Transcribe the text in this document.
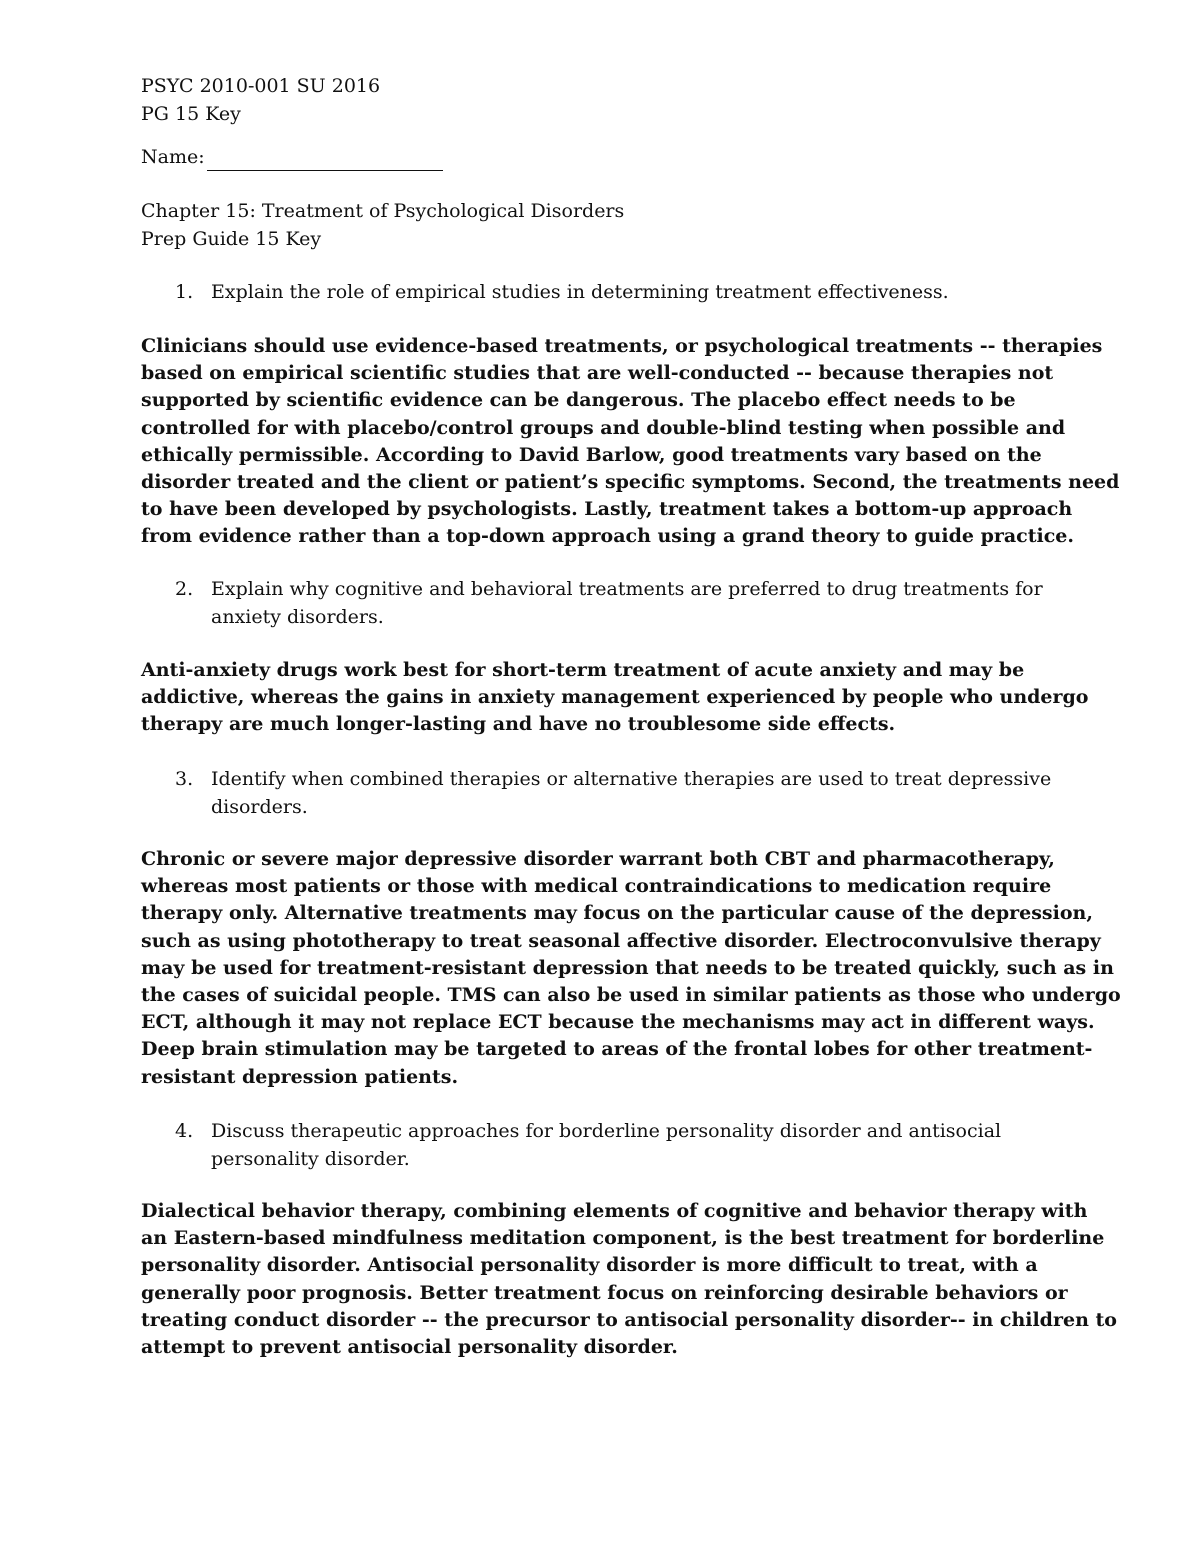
PSYC 2010-001 SU 2016
PG 15 Key
Name:
Chapter 15: Treatment of Psychological Disorders
Prep Guide 15 Key
1. Explain the role of empirical studies in determining treatment effectiveness.
Clinicians should use evidence-based treatments, or psychological treatments -- therapies
based on empirical scientific studies that are well-conducted -- because therapies not
supported by scientific evidence can be dangerous. The placebo effect needs to be
controlled for with placebo/control groups and double-blind testing when possible and
ethically permissible. According to David Barlow, good treatments vary based on the
disorder treated and the client or patient’s specific symptoms. Second, the treatments need
to have been developed by psychologists. Lastly, treatment takes a bottom-up approach
from evidence rather than a top-down approach using a grand theory to guide practice.
2. Explain why cognitive and behavioral treatments are preferred to drug treatments for
anxiety disorders.
Anti-anxiety drugs work best for short-term treatment of acute anxiety and may be
addictive, whereas the gains in anxiety management experienced by people who undergo
therapy are much longer-lasting and have no troublesome side effects.
3. Identify when combined therapies or alternative therapies are used to treat depressive
disorders.
Chronic or severe major depressive disorder warrant both CBT and pharmacotherapy,
whereas most patients or those with medical contraindications to medication require
therapy only. Alternative treatments may focus on the particular cause of the depression,
such as using phototherapy to treat seasonal affective disorder. Electroconvulsive therapy
may be used for treatment-resistant depression that needs to be treated quickly, such as in
the cases of suicidal people. TMS can also be used in similar patients as those who undergo
ECT, although it may not replace ECT because the mechanisms may act in different ways.
Deep brain stimulation may be targeted to areas of the frontal lobes for other treatment-
resistant depression patients.
4. Discuss therapeutic approaches for borderline personality disorder and antisocial
personality disorder.
Dialectical behavior therapy, combining elements of cognitive and behavior therapy with
an Eastern-based mindfulness meditation component, is the best treatment for borderline
personality disorder. Antisocial personality disorder is more difficult to treat, with a
generally poor prognosis. Better treatment focus on reinforcing desirable behaviors or
treating conduct disorder -- the precursor to antisocial personality disorder-- in children to
attempt to prevent antisocial personality disorder.
